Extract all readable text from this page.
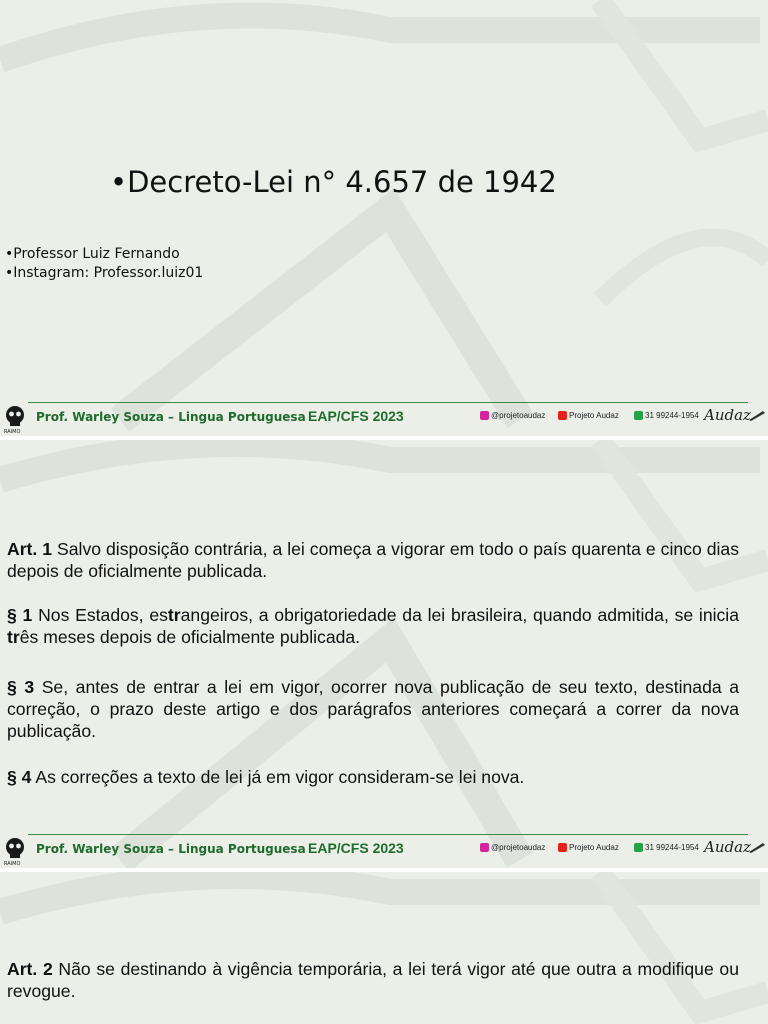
•Decreto-Lei n° 4.657 de 1942
•Professor Luiz Fernando
•Instagram: Professor.luiz01
RAIMO
Prof. Warley Souza – Lingua Portuguesa EAP/CFS 2023	@projetoaudaz	Projeto Audaz	31 99244-1954 Audaz
Art. 1 Salvo disposição contrária, a lei começa a vigorar em todo o país quarenta e cinco dias depois de oficialmente publicada.
§ 1 Nos Estados, estrangeiros, a obrigatoriedade da lei brasileira, quando admitida, se inicia três meses depois de oficialmente publicada.
§ 3 Se, antes de entrar a lei em vigor, ocorrer nova publicação de seu texto, destinada a correção, o prazo deste artigo e dos parágrafos anteriores começará a correr da nova publicação.
§ 4 As correções a texto de lei já em vigor consideram-se lei nova.
RAIMO
Prof. Warley Souza – Lingua Portuguesa EAP/CFS 2023	@projetoaudaz	Projeto Audaz	31 99244-1954 Audaz
Art. 2 Não se destinando à vigência temporária, a lei terá vigor até que outra a modifique ou revogue.
